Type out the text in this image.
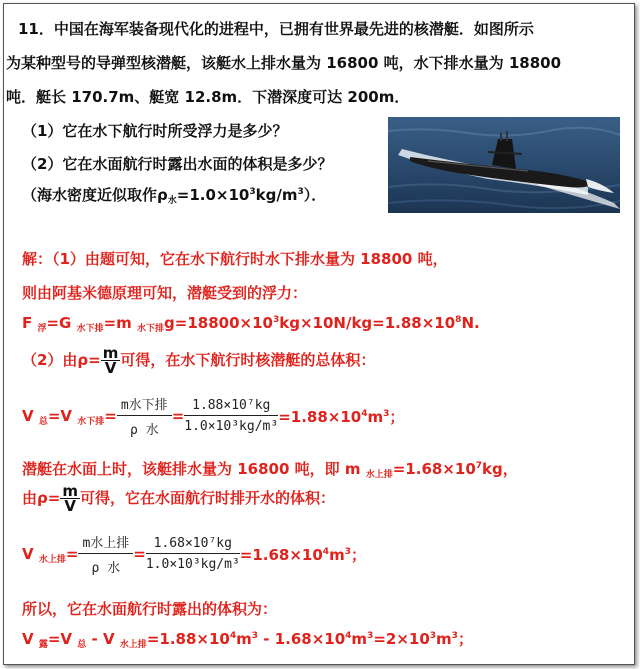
11．中国在海军装备现代化的进程中，已拥有世界最先进的核潜艇．如图所示
为某种型号的导弹型核潜艇，该艇水上排水量为 16800 吨，水下排水量为 18800
吨．艇长 170.7m、艇宽 12.8m．下潜深度可达 200m．
（1）它在水下航行时所受浮力是多少？
（2）它在水面航行时露出水面的体积是多少？
（海水密度近似取作$\rho_水=1.0\times 10^3kg/m^3$）．
解：（1）由题可知，它在水下航行时水下排水量为 18800 吨，
则由阿基米德原理可知，潜艇受到的浮力：
F $_浮$=G $_{水下排}$=m $_{水下排}g=18800\times 10^3kg\times 10N/kg=1.88\times 10^8N$.
（2）由$\rho= \frac{m}{V}$ 可得，在水下航行时核潜艇的总体积：
V $_总$=V $_{水下排}= \frac{\text{m水下排}}{\text{ρ 水}} = \frac{\text{1.88×10⁷kg}}{\text{1.0×10³kg/m³}} =1.88\times 10^4m^3$；
潜艇在水面上时，该艇排水量为 16800 吨，即 m $_{水上排}=1.68\times 10^7kg$，
由$\rho= \frac{m}{V}$ 可得，它在水面航行时排开水的体积：
V $_{水上排}= \frac{\text{m水上排}}{\text{ρ 水}} = \frac{\text{1.68×10⁷kg}}{\text{1.0×10³kg/m³}} =1.68\times 10^4m^3$；
所以，它在水面航行时露出的体积为：
V $_露$=V $_总$ - V $_{水上排}=1.88\times 10^4m^3 - 1.68\times 10^4m^3=2\times 10^3m^3$；
